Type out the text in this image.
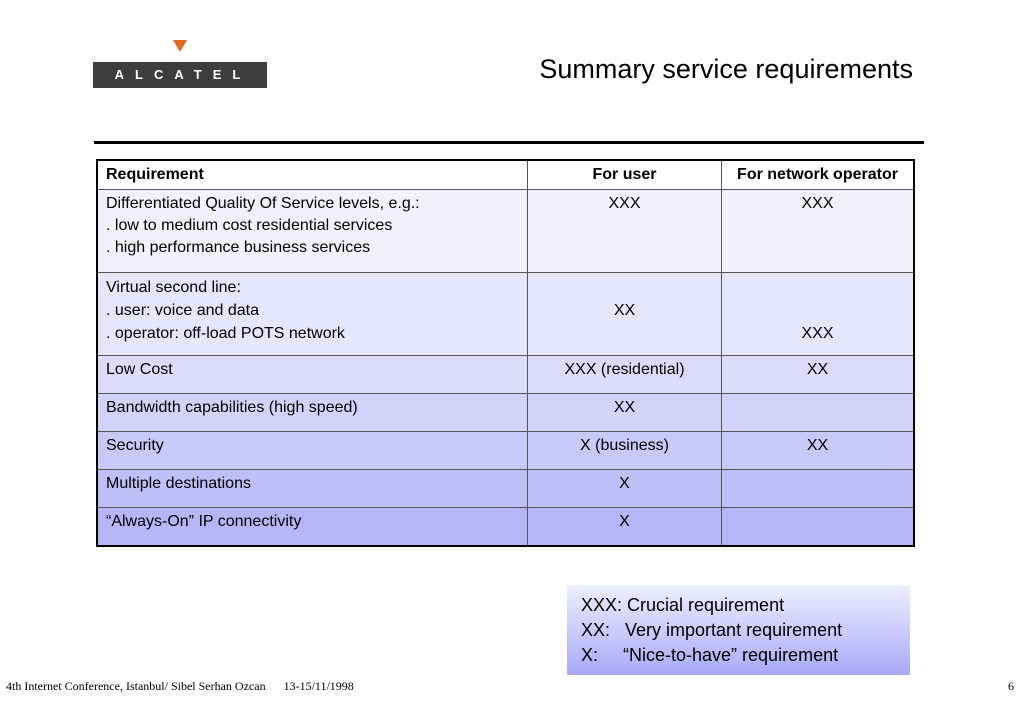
ALCATEL	Summary service requirements
Requirement	For user	For network operator

Differentiated Quality Of Service levels, e.g.:
. low to medium cost residential services
. high performance business services	XXX	XXX

Virtual second line:
. user: voice and data
. operator: off-load POTS network	XX	XXX

Low Cost	XXX (residential)	XX
Bandwidth capabilities (high speed)	XX	
Security	X (business)	XX
Multiple destinations	X	
“Always-On” IP connectivity	X	
XXX: Crucial requirement
XX:   Very important requirement
X:     “Nice-to-have” requirement
4th Internet Conference, Istanbul/ Sibel Serhan Ozcan 13-15/11/1998	6
